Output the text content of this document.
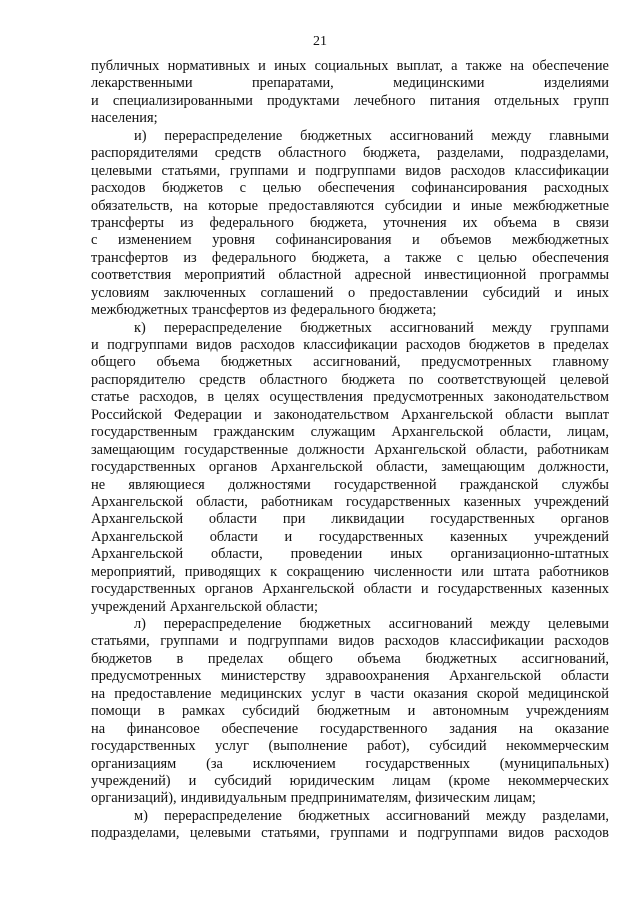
21
публичных нормативных и иных социальных выплат, а также на обеспечение
лекарственными	препаратами,	медицинскими	изделиями
и специализированными продуктами лечебного питания отдельных групп
населения;
и) перераспределение бюджетных ассигнований между главными
распорядителями средств областного бюджета, разделами, подразделами,
целевыми статьями, группами и подгруппами видов расходов классификации
расходов бюджетов с целью обеспечения софинансирования расходных
обязательств, на которые предоставляются субсидии и иные межбюджетные
трансферты из федерального бюджета, уточнения их объема в связи
с изменением уровня софинансирования и объемов межбюджетных
трансфертов из федерального бюджета, а также с целью обеспечения
соответствия мероприятий областной адресной инвестиционной программы
условиям заключенных соглашений о предоставлении субсидий и иных
межбюджетных трансфертов из федерального бюджета;
к) перераспределение бюджетных ассигнований между группами
и подгруппами видов расходов классификации расходов бюджетов в пределах
общего объема бюджетных ассигнований, предусмотренных главному
распорядителю средств областного бюджета по соответствующей целевой
статье расходов, в целях осуществления предусмотренных законодательством
Российской Федерации и законодательством Архангельской области выплат
государственным гражданским служащим Архангельской области, лицам,
замещающим государственные должности Архангельской области, работникам
государственных органов Архангельской области, замещающим должности,
не являющиеся должностями государственной гражданской службы
Архангельской области, работникам государственных казенных учреждений
Архангельской области при ликвидации государственных органов
Архангельской области и государственных казенных учреждений
Архангельской области, проведении иных организационно-штатных
мероприятий, приводящих к сокращению численности или штата работников
государственных органов Архангельской области и государственных казенных
учреждений Архангельской области;
л) перераспределение бюджетных ассигнований между целевыми
статьями, группами и подгруппами видов расходов классификации расходов
бюджетов в пределах общего объема бюджетных ассигнований,
предусмотренных министерству здравоохранения Архангельской области
на предоставление медицинских услуг в части оказания скорой медицинской
помощи в рамках субсидий бюджетным и автономным учреждениям
на финансовое обеспечение государственного задания на оказание
государственных услуг (выполнение работ), субсидий некоммерческим
организациям (за исключением государственных (муниципальных)
учреждений) и субсидий юридическим лицам (кроме некоммерческих
организаций), индивидуальным предпринимателям, физическим лицам;
м) перераспределение бюджетных ассигнований между разделами,
подразделами, целевыми статьями, группами и подгруппами видов расходов
